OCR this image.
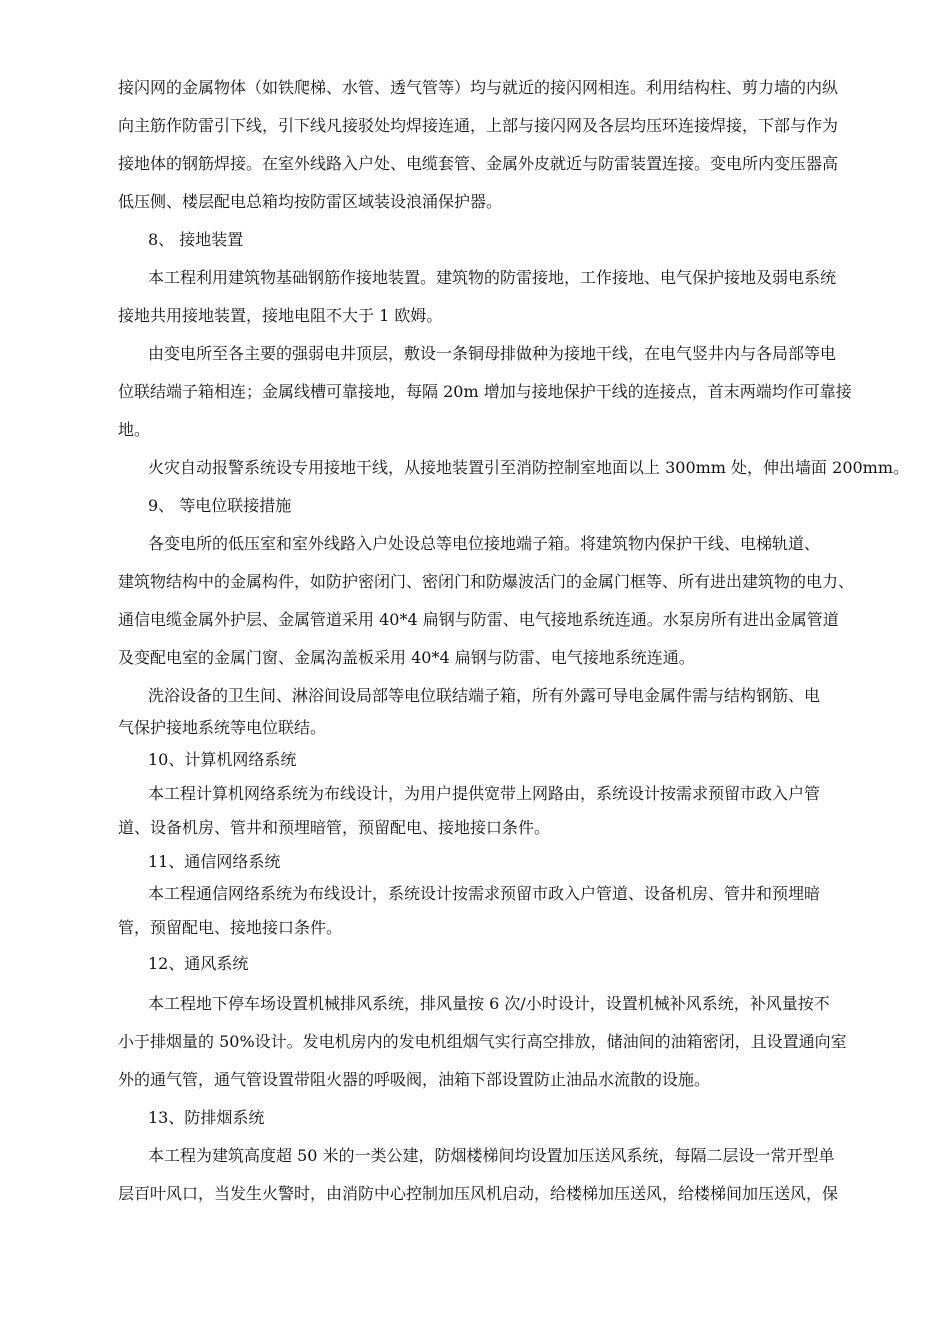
接闪网的金属物体（如铁爬梯、水管、透气管等）均与就近的接闪网相连。利用结构柱、剪力墙的内纵
向主筋作防雷引下线，引下线凡接驳处均焊接连通，上部与接闪网及各层均压环连接焊接，下部与作为
接地体的钢筋焊接。在室外线路入户处、电缆套管、金属外皮就近与防雷装置连接。变电所内变压器高
低压侧、楼层配电总箱均按防雷区域装设浪涌保护器。
8、 接地装置
本工程利用建筑物基础钢筋作接地装置。建筑物的防雷接地，工作接地、电气保护接地及弱电系统
接地共用接地装置，接地电阻不大于 1 欧姆。
由变电所至各主要的强弱电井顶层，敷设一条铜母排做种为接地干线，在电气竖井内与各局部等电
位联结端子箱相连；金属线槽可靠接地，每隔 20m 增加与接地保护干线的连接点，首末两端均作可靠接
地。
火灾自动报警系统设专用接地干线，从接地装置引至消防控制室地面以上 300mm 处，伸出墙面 200mm。
9、 等电位联接措施
各变电所的低压室和室外线路入户处设总等电位接地端子箱。将建筑物内保护干线、电梯轨道、
建筑物结构中的金属构件，如防护密闭门、密闭门和防爆波活门的金属门框等、所有进出建筑物的电力、
通信电缆金属外护层、金属管道采用 40*4 扁钢与防雷、电气接地系统连通。水泵房所有进出金属管道
及变配电室的金属门窗、金属沟盖板采用 40*4 扁钢与防雷、电气接地系统连通。
洗浴设备的卫生间、淋浴间设局部等电位联结端子箱，所有外露可导电金属件需与结构钢筋、电
气保护接地系统等电位联结。
10、计算机网络系统
本工程计算机网络系统为布线设计，为用户提供宽带上网路由，系统设计按需求预留市政入户管
道、设备机房、管井和预埋暗管，预留配电、接地接口条件。
11、通信网络系统
本工程通信网络系统为布线设计，系统设计按需求预留市政入户管道、设备机房、管井和预埋暗
管，预留配电、接地接口条件。
12、通风系统
本工程地下停车场设置机械排风系统，排风量按 6 次/小时设计，设置机械补风系统，补风量按不
小于排烟量的 50%设计。发电机房内的发电机组烟气实行高空排放，储油间的油箱密闭，且设置通向室
外的通气管，通气管设置带阻火器的呼吸阀，油箱下部设置防止油品水流散的设施。
13、防排烟系统
本工程为建筑高度超 50 米的一类公建，防烟楼梯间均设置加压送风系统，每隔二层设一常开型单
层百叶风口，当发生火警时，由消防中心控制加压风机启动，给楼梯加压送风，给楼梯间加压送风，保
